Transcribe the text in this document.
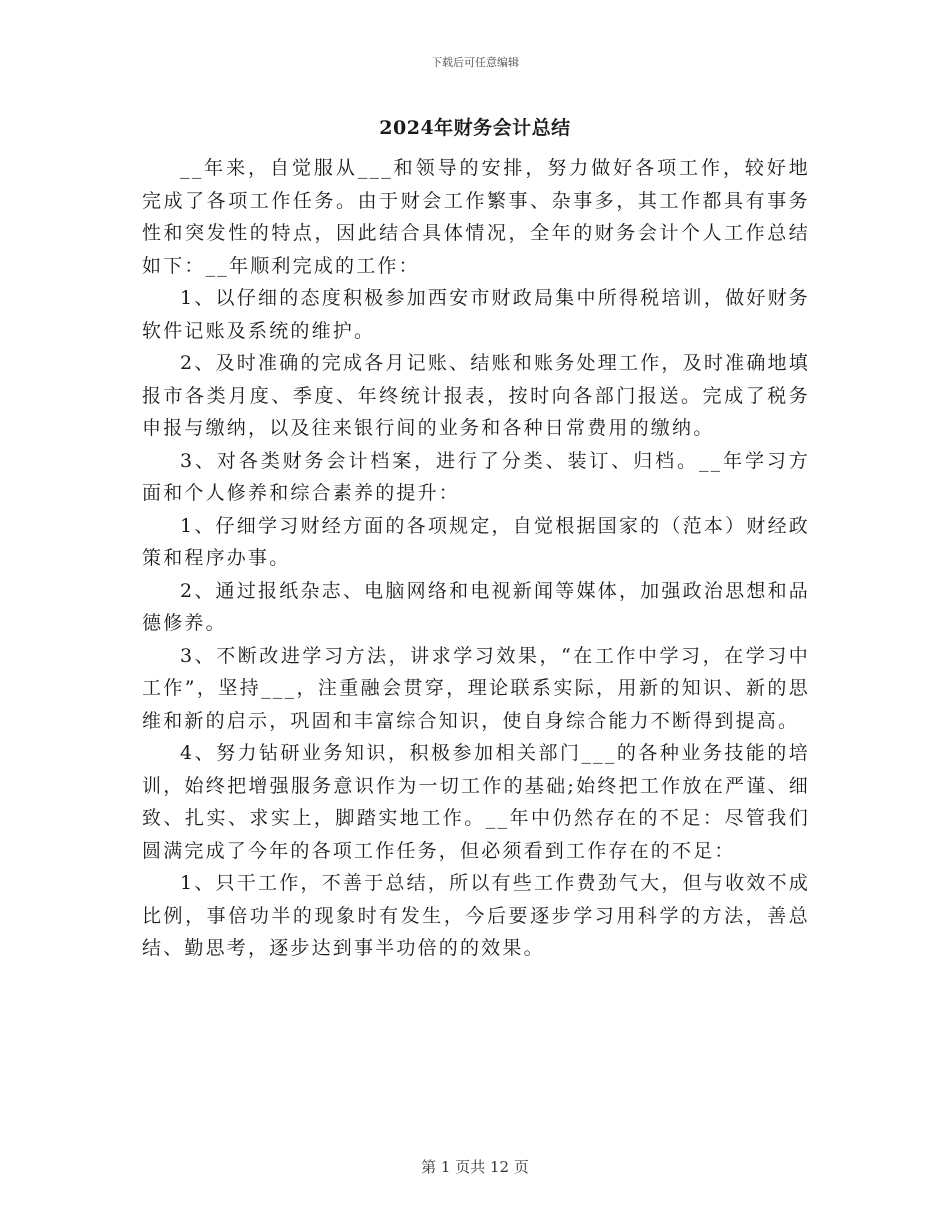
下载后可任意编辑
2024年财务会计总结

__年来，自觉服从___和领导的安排，努力做好各项工作，较好地完成了各项工作任务。由于财会工作繁事、杂事多，其工作都具有事务性和突发性的特点，因此结合具体情况，全年的财务会计个人工作总结如下：__年顺利完成的工作：

1、以仔细的态度积极参加西安市财政局集中所得税培训，做好财务软件记账及系统的维护。

2、及时准确的完成各月记账、结账和账务处理工作，及时准确地填报市各类月度、季度、年终统计报表，按时向各部门报送。完成了税务申报与缴纳，以及往来银行间的业务和各种日常费用的缴纳。

3、对各类财务会计档案，进行了分类、装订、归档。__年学习方面和个人修养和综合素养的提升：

1、仔细学习财经方面的各项规定，自觉根据国家的（范本）财经政策和程序办事。

2、通过报纸杂志、电脑网络和电视新闻等媒体，加强政治思想和品德修养。

3、不断改进学习方法，讲求学习效果，“在工作中学习，在学习中工作”，坚持___，注重融会贯穿，理论联系实际，用新的知识、新的思维和新的启示，巩固和丰富综合知识，使自身综合能力不断得到提高。

4、努力钻研业务知识，积极参加相关部门___的各种业务技能的培训，始终把增强服务意识作为一切工作的基础;始终把工作放在严谨、细致、扎实、求实上，脚踏实地工作。__年中仍然存在的不足：尽管我们圆满完成了今年的各项工作任务，但必须看到工作存在的不足：

1、只干工作，不善于总结，所以有些工作费劲气大，但与收效不成比例，事倍功半的现象时有发生，今后要逐步学习用科学的方法，善总结、勤思考，逐步达到事半功倍的的效果。

第 1 页共 12 页
